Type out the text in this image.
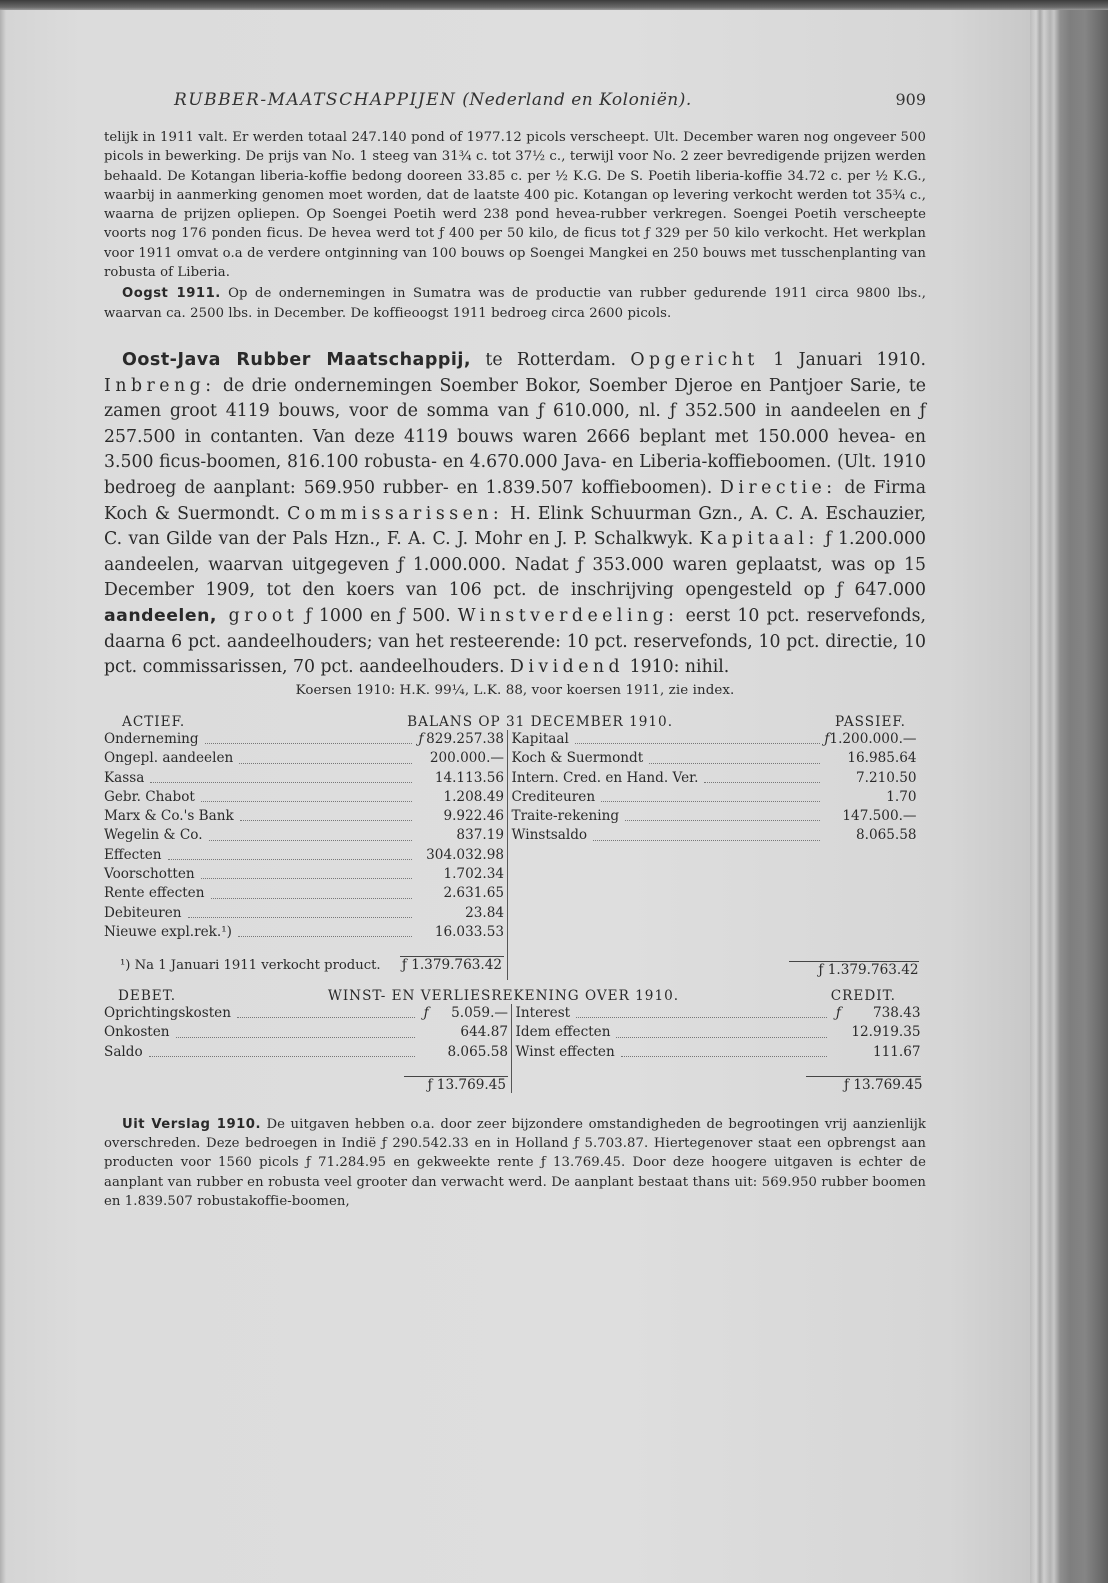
RUBBER-MAATSCHAPPIJEN (Nederland en Koloniën).	909

telijk in 1911 valt. Er werden totaal 247.140 pond of 1977.12 picols verscheept. Ult. December waren nog ongeveer 500 picols in bewerking. De prijs van No. 1 steeg van 31¾ c. tot 37½ c., terwijl voor No. 2 zeer bevredigende prijzen werden behaald. De Kotangan liberia-koffie bedong dooreen 33.85 c. per ½ K.G. De S. Poetih liberia-koffie 34.72 c. per ½ K.G., waarbij in aanmerking genomen moet worden, dat de laatste 400 pic. Kotangan op levering verkocht werden tot 35¾ c., waarna de prijzen opliepen. Op Soengei Poetih werd 238 pond hevea-rubber verkregen. Soengei Poetih verscheepte voorts nog 176 ponden ficus. De hevea werd tot ƒ 400 per 50 kilo, de ficus tot ƒ 329 per 50 kilo verkocht. Het werkplan voor 1911 omvat o.a de verdere ontginning van 100 bouws op Soengei Mangkei en 250 bouws met tusschenplanting van robusta of Liberia.

Oogst 1911. Op de ondernemingen in Sumatra was de productie van rubber gedurende 1911 circa 9800 lbs., waarvan ca. 2500 lbs. in December. De koffieoogst 1911 bedroeg circa 2600 picols.

Oost-Java Rubber Maatschappij, te Rotterdam. Opgericht 1 Januari 1910. Inbreng: de drie ondernemingen Soember Bokor, Soember Djeroe en Pantjoer Sarie, te zamen groot 4119 bouws, voor de somma van ƒ 610.000, nl. ƒ 352.500 in aandeelen en ƒ 257.500 in contanten. Van deze 4119 bouws waren 2666 beplant met 150.000 hevea- en 3.500 ficus-boomen, 816.100 robusta- en 4.670.000 Java- en Liberia-koffieboomen. (Ult. 1910 bedroeg de aanplant: 569.950 rubber- en 1.839.507 koffieboomen). Directie: de Firma Koch & Suermondt. Commissarissen: H. Elink Schuurman Gzn., A. C. A. Eschauzier, C. van Gilde van der Pals Hzn., F. A. C. J. Mohr en J. P. Schalkwyk. Kapitaal: ƒ 1.200.000 aandeelen, waarvan uitgegeven ƒ 1.000.000. Nadat ƒ 353.000 waren geplaatst, was op 15 December 1909, tot den koers van 106 pct. de inschrijving opengesteld op ƒ 647.000 aandeelen, groot ƒ 1000 en ƒ 500. Winstverdeeling: eerst 10 pct. reservefonds, daarna 6 pct. aandeelhouders; van het resteerende: 10 pct. reservefonds, 10 pct. directie, 10 pct. commissarissen, 70 pct. aandeelhouders. Dividend 1910: nihil.

Koersen 1910: H.K. 99¼, L.K. 88, voor koersen 1911, zie index.

ACTIEF.	BALANS OP 31 DECEMBER 1910.	PASSIEF.
Onderneming	ƒ	829.257.38

Ongepl. aandeelen		200.000.—

Kassa		14.113.56

Gebr. Chabot		1.208.49

Marx & Co.'s Bank		9.922.46

Wegelin & Co.		837.19

Effecten		304.032.98

Voorschotten		1.702.34

Rente effecten		2.631.65

Debiteuren		23.84

Nieuwe expl.rek.¹)		16.033.53
ƒ 1.379.763.42
Kapitaal	ƒ	1.200.000.—

Koch & Suermondt		16.985.64

Intern. Cred. en Hand. Ver.		7.210.50

Crediteuren		1.70

Traite-rekening		147.500.—

Winstsaldo		8.065.58
ƒ 1.379.763.42
¹) Na 1 Januari 1911 verkocht product.
DEBET.	WINST- EN VERLIESREKENING OVER 1910.	CREDIT.
Oprichtingskosten	ƒ	5.059.—

Onkosten		644.87

Saldo		8.065.58
ƒ 13.769.45
Interest	ƒ	738.43

Idem effecten		12.919.35

Winst effecten		111.67
ƒ 13.769.45

Uit Verslag 1910. De uitgaven hebben o.a. door zeer bijzondere omstandigheden de begrootingen vrij aanzienlijk overschreden. Deze bedroegen in Indië ƒ 290.542.33 en in Holland ƒ 5.703.87. Hiertegenover staat een opbrengst aan producten voor 1560 picols ƒ 71.284.95 en gekweekte rente ƒ 13.769.45. Door deze hoogere uitgaven is echter de aanplant van rubber en robusta veel grooter dan verwacht werd. De aanplant bestaat thans uit: 569.950 rubber boomen en 1.839.507 robustakoffie-boomen,
